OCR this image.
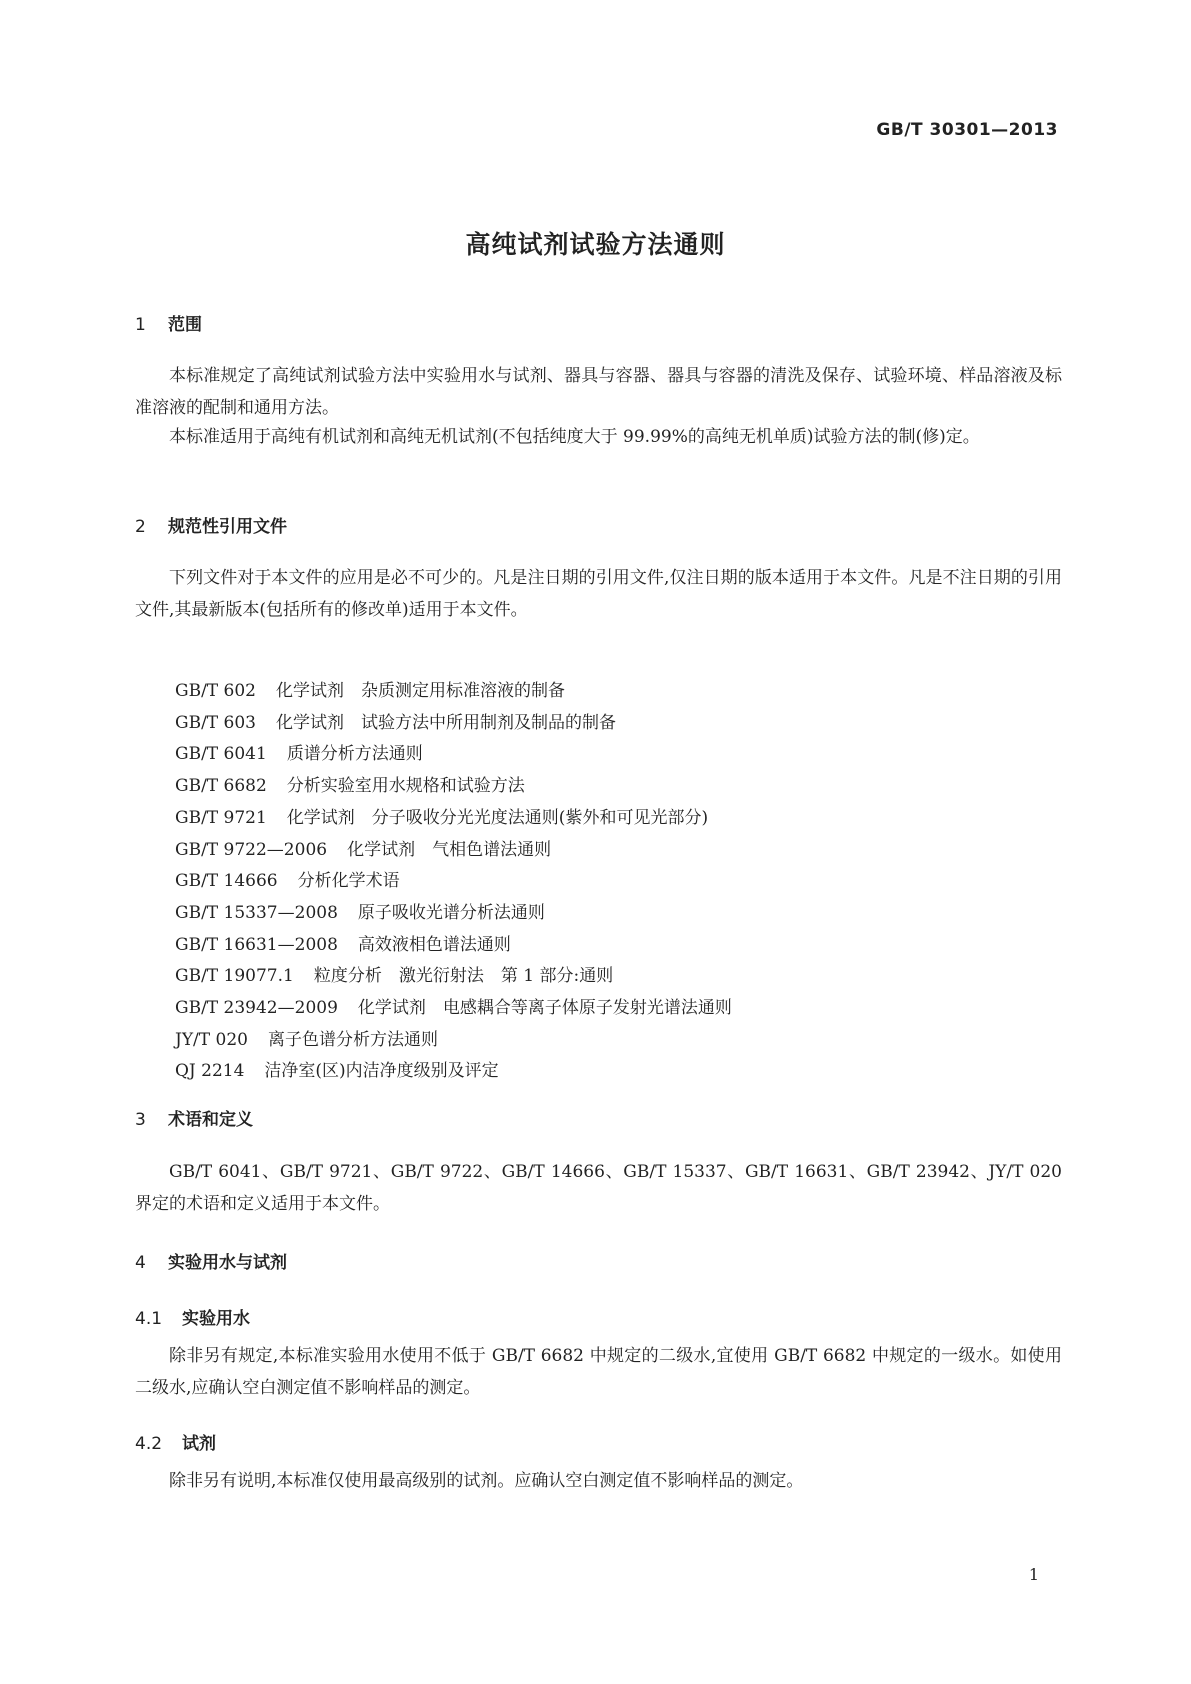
GB/T 30301—2013
高纯试剂试验方法通则
1 范围

本标准规定了高纯试剂试验方法中实验用水与试剂、器具与容器、器具与容器的清洗及保存、试验环境、样品溶液及标准溶液的配制和通用方法。

本标准适用于高纯有机试剂和高纯无机试剂(不包括纯度大于 99.99%的高纯无机单质)试验方法的制(修)定。

2 规范性引用文件

下列文件对于本文件的应用是必不可少的。凡是注日期的引用文件,仅注日期的版本适用于本文件。凡是不注日期的引用文件,其最新版本(包括所有的修改单)适用于本文件。

GB/T 602 化学试剂　杂质测定用标准溶液的制备
GB/T 603 化学试剂　试验方法中所用制剂及制品的制备
GB/T 6041 质谱分析方法通则
GB/T 6682 分析实验室用水规格和试验方法
GB/T 9721 化学试剂　分子吸收分光光度法通则(紫外和可见光部分)
GB/T 9722—2006 化学试剂　气相色谱法通则
GB/T 14666 分析化学术语
GB/T 15337—2008 原子吸收光谱分析法通则
GB/T 16631—2008 高效液相色谱法通则
GB/T 19077.1 粒度分析　激光衍射法　第 1 部分:通则
GB/T 23942—2009 化学试剂　电感耦合等离子体原子发射光谱法通则
JY/T 020 离子色谱分析方法通则
QJ 2214 洁净室(区)内洁净度级别及评定
3 术语和定义

GB/T 6041、GB/T 9721、GB/T 9722、GB/T 14666、GB/T 15337、GB/T 16631、GB/T 23942、JY/T 020界定的术语和定义适用于本文件。

4 实验用水与试剂
4.1 实验用水

除非另有规定,本标准实验用水使用不低于 GB/T 6682 中规定的二级水,宜使用 GB/T 6682 中规定的一级水。如使用二级水,应确认空白测定值不影响样品的测定。

4.2 试剂

除非另有说明,本标准仅使用最高级别的试剂。应确认空白测定值不影响样品的测定。

1
